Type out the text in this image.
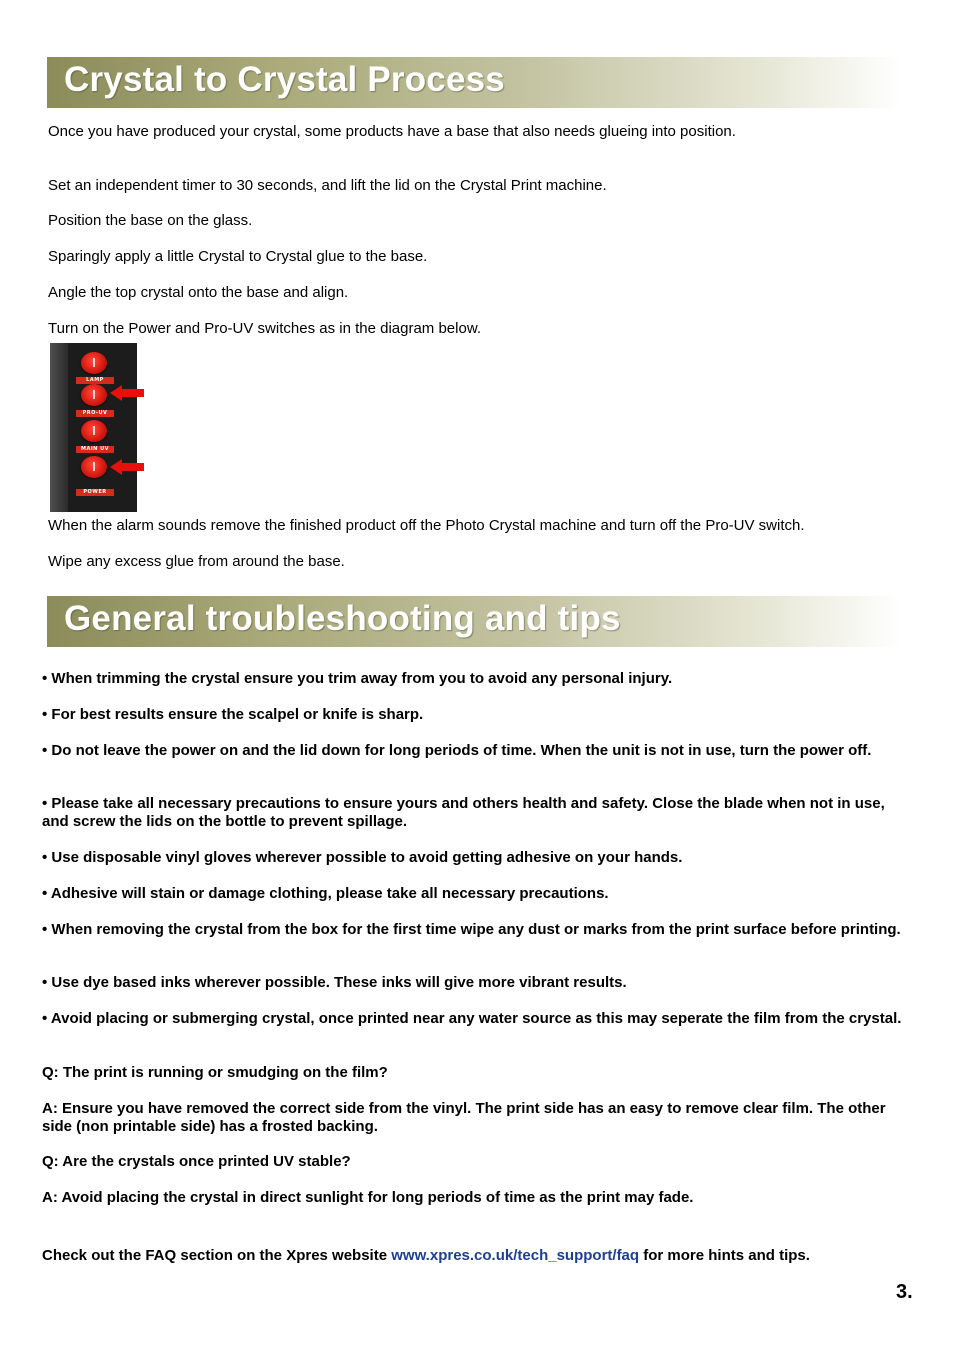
Crystal to Crystal Process

Once you have produced your crystal, some products have a base that also needs glueing into position.

Set an independent timer to 30 seconds, and lift the lid on the Crystal Print machine.

Position the base on the glass.

Sparingly apply a little Crystal to Crystal glue to the base.

Angle the top crystal onto the base and align.

Turn on the Power and Pro-UV switches as in the diagram below.

LAMP
PRO-UV
MAIN UV
POWER

When the alarm sounds remove the finished product off the Photo Crystal machine and turn off the Pro-UV switch.

Wipe any excess glue from around the base.

General troubleshooting and tips

• When trimming the crystal ensure you trim away from you to avoid any personal injury.

• For best results ensure the scalpel or knife is sharp.

• Do not leave the power on and the lid down for long periods of time. When the unit is not in use, turn the power off.

• Please take all necessary precautions to ensure yours and others health and safety. Close the blade when not in use, and screw the lids on the bottle to prevent spillage.

• Use disposable vinyl gloves wherever possible to avoid getting adhesive on your hands.

• Adhesive will stain or damage clothing, please take all necessary precautions.

• When removing the crystal from the box for the first time wipe any dust or marks from the print surface before printing.

• Use dye based inks wherever possible. These inks will give more vibrant results.

• Avoid placing or submerging crystal, once printed near any water source as this may seperate the film from the crystal.

Q: The print is running or smudging on the film?

A: Ensure you have removed the correct side from the vinyl. The print side has an easy to remove clear film. The other side (non printable side) has a frosted backing.

Q: Are the crystals once printed UV stable?

A: Avoid placing the crystal in direct sunlight for long periods of time as the print may fade.

Check out the FAQ section on the Xpres website www.xpres.co.uk/tech_support/faq for more hints and tips.

3.
